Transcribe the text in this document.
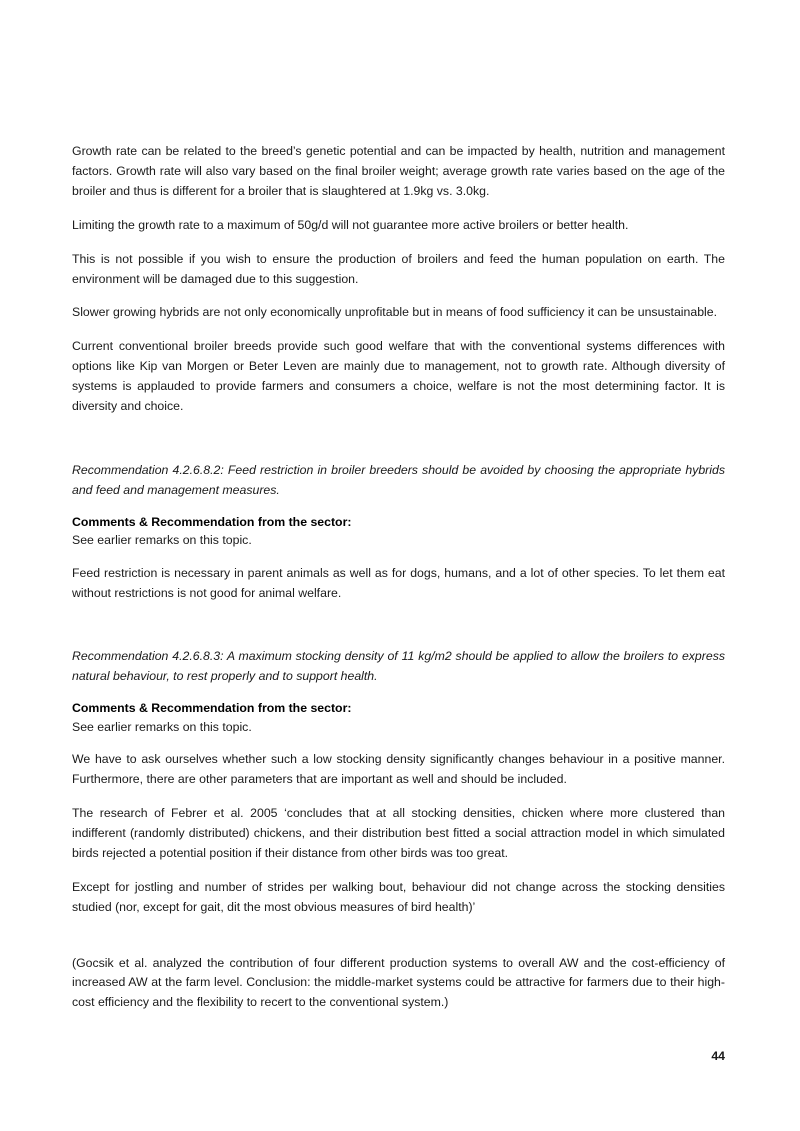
Growth rate can be related to the breed’s genetic potential and can be impacted by health, nutrition and management factors. Growth rate will also vary based on the final broiler weight; average growth rate varies based on the age of the broiler and thus is different for a broiler that is slaughtered at 1.9kg vs. 3.0kg.

Limiting the growth rate to a maximum of 50g/d will not guarantee more active broilers or better health.

This is not possible if you wish to ensure the production of broilers and feed the human population on earth. The environment will be damaged due to this suggestion.

Slower growing hybrids are not only economically unprofitable but in means of food sufficiency it can be unsustainable.

Current conventional broiler breeds provide such good welfare that with the conventional systems differences with options like Kip van Morgen or Beter Leven are mainly due to management, not to growth rate. Although diversity of systems is applauded to provide farmers and consumers a choice, welfare is not the most determining factor. It is diversity and choice.

Recommendation 4.2.6.8.2: Feed restriction in broiler breeders should be avoided by choosing the appropriate hybrids and feed and management measures.

Comments & Recommendation from the sector:

See earlier remarks on this topic.

Feed restriction is necessary in parent animals as well as for dogs, humans, and a lot of other species. To let them eat without restrictions is not good for animal welfare.

Recommendation 4.2.6.8.3: A maximum stocking density of 11 kg/m2 should be applied to allow the broilers to express natural behaviour, to rest properly and to support health.

Comments & Recommendation from the sector:

See earlier remarks on this topic.

We have to ask ourselves whether such a low stocking density significantly changes behaviour in a positive manner. Furthermore, there are other parameters that are important as well and should be included.

The research of Febrer et al. 2005 ‘concludes that at all stocking densities, chicken where more clustered than indifferent (randomly distributed) chickens, and their distribution best fitted a social attraction model in which simulated birds rejected a potential position if their distance from other birds was too great.

Except for jostling and number of strides per walking bout, behaviour did not change across the stocking densities studied (nor, except for gait, dit the most obvious measures of bird health)’

(Gocsik et al. analyzed the contribution of four different production systems to overall AW and the cost-efficiency of increased AW at the farm level. Conclusion: the middle-market systems could be attractive for farmers due to their high-cost efficiency and the flexibility to recert to the conventional system.)

44
